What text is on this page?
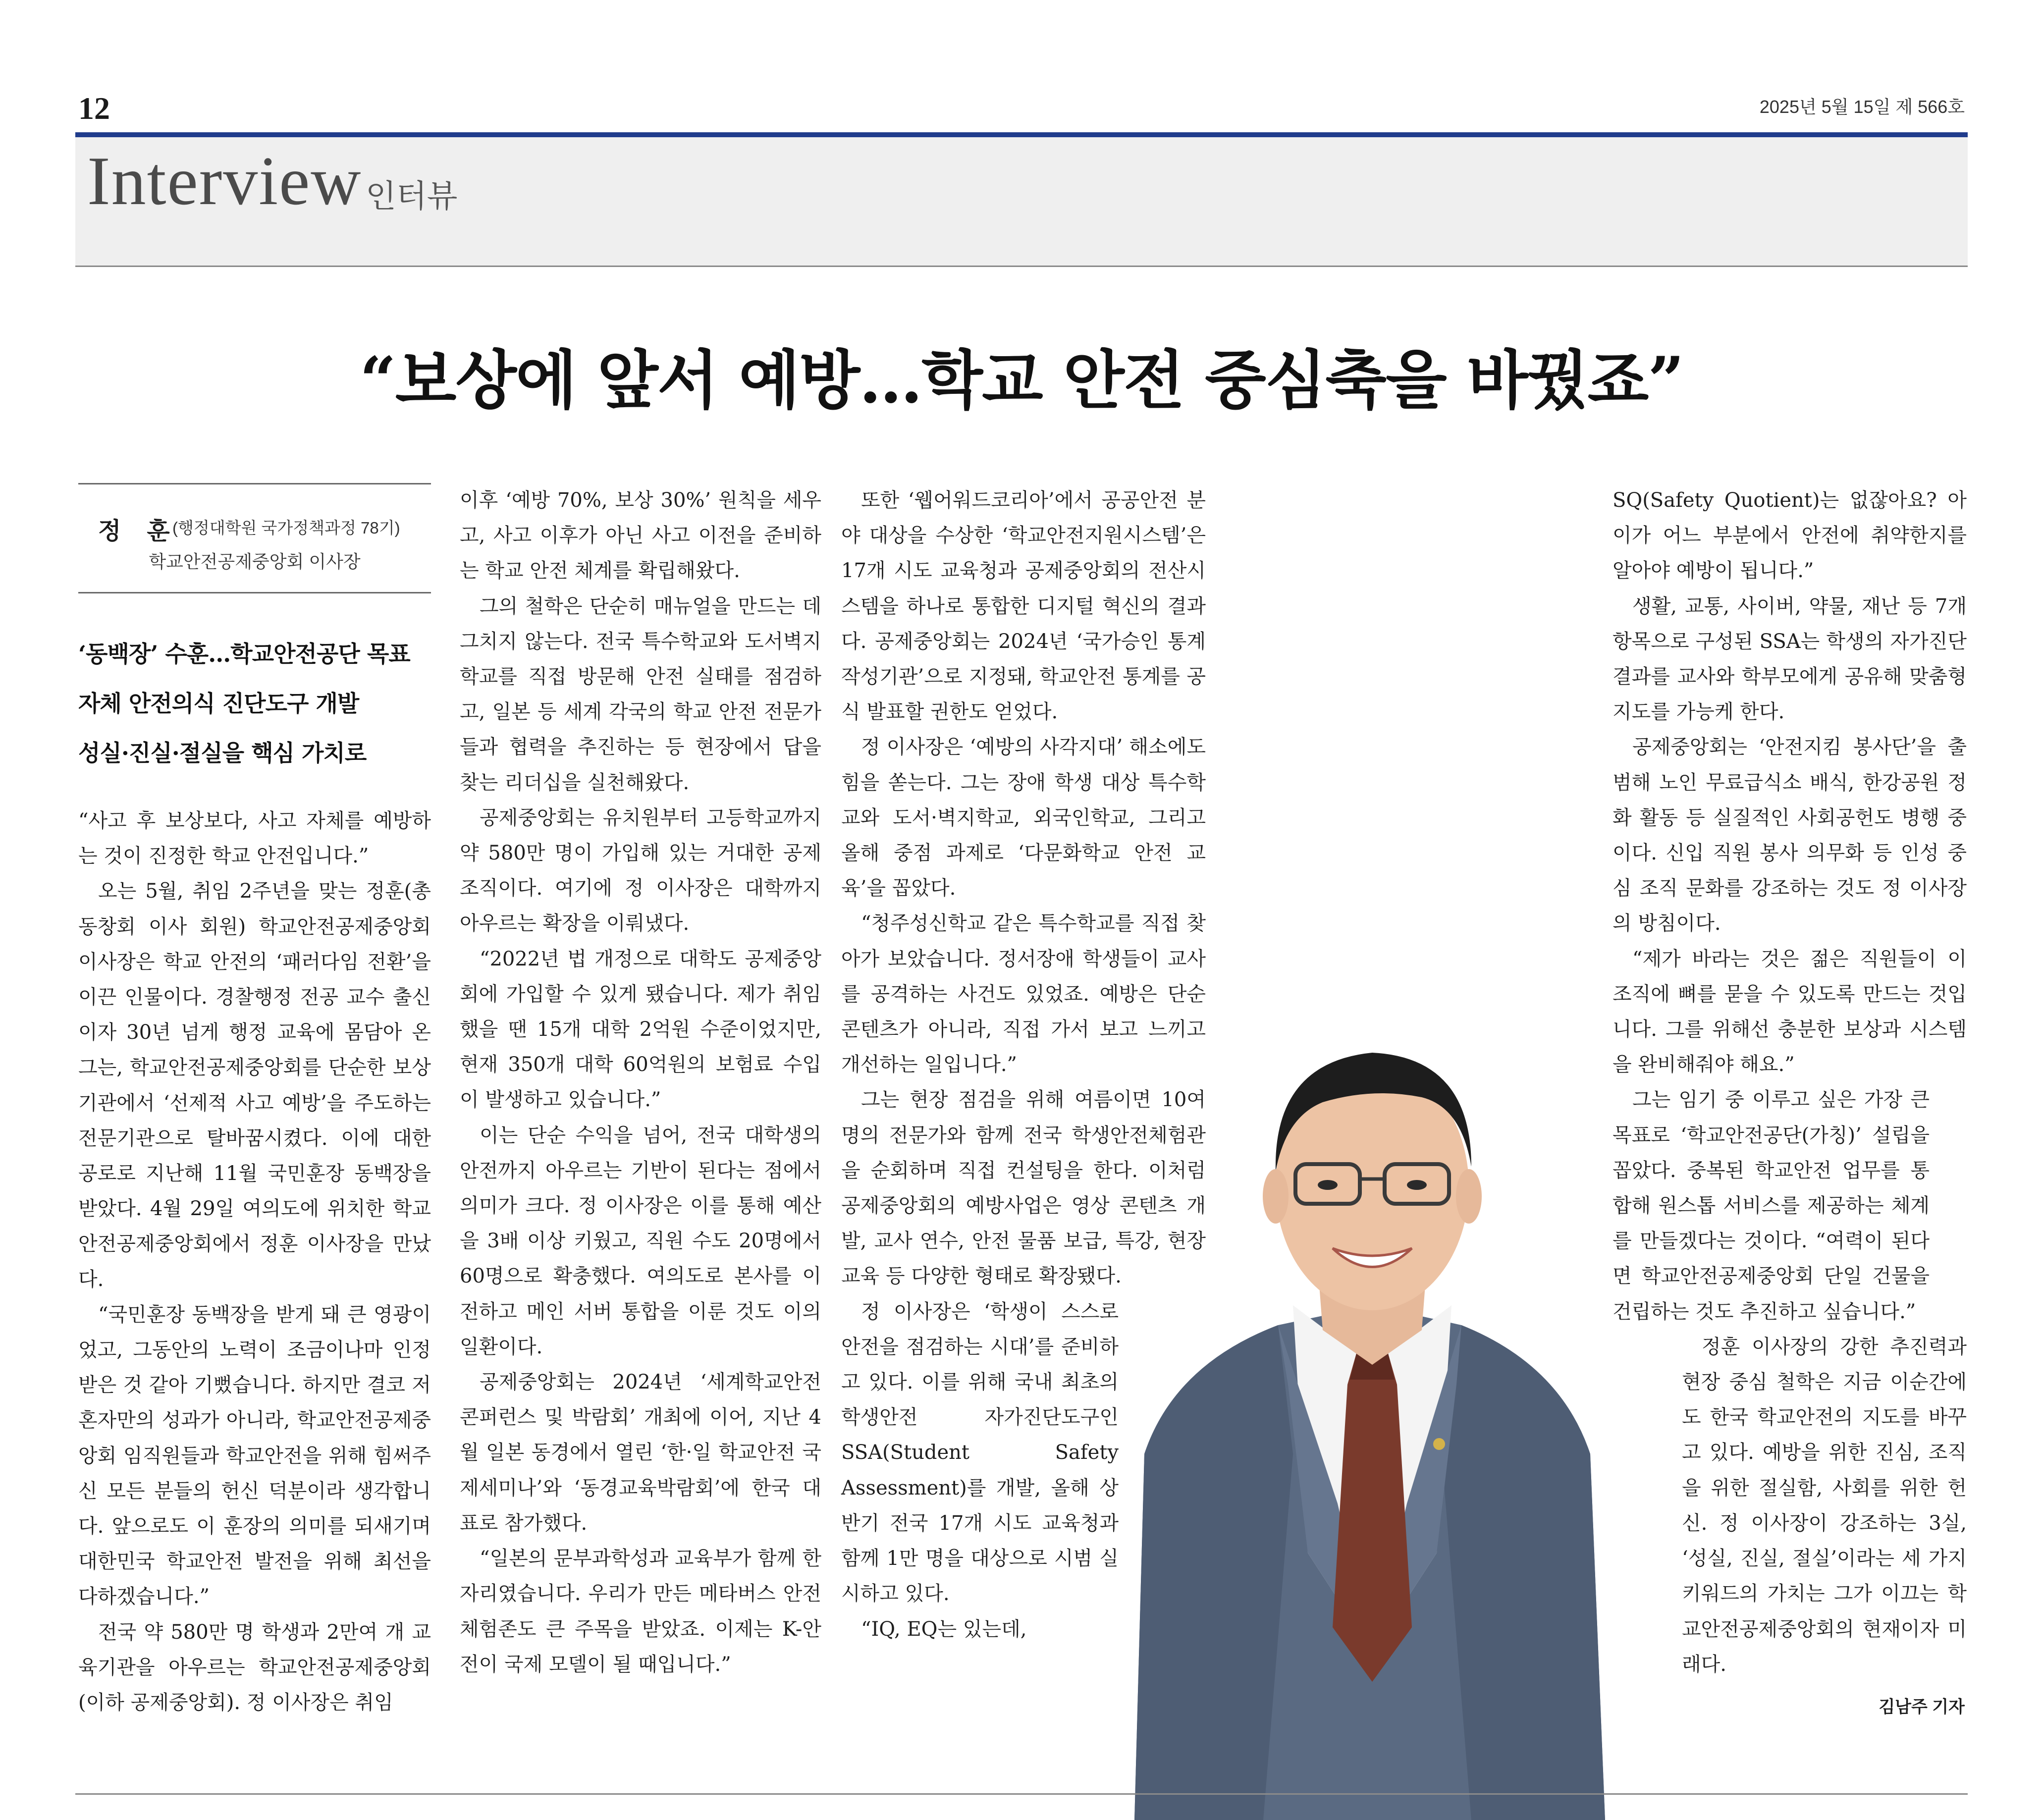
12	2025년 5월 15일 제 566호
Interview 인터뷰
“보상에 앞서 예방…학교 안전 중심축을 바꿨죠”
정 훈
(행정대학원 국가정책과정 78기)
학교안전공제중앙회 이사장
‘동백장’ 수훈…학교안전공단 목표
자체 안전의식 진단도구 개발
성실·진실·절실을 핵심 가치로

“사고 후 보상보다, 사고 자체를 예방하는 것이 진정한 학교 안전입니다.”

오는 5월, 취임 2주년을 맞는 정훈(총동창회 이사 회원) 학교안전공제중앙회 이사장은 학교 안전의 ‘패러다임 전환’을 이끈 인물이다. 경찰행정 전공 교수 출신이자 30년 넘게 행정 교육에 몸담아 온 그는, 학교안전공제중앙회를 단순한 보상 기관에서 ‘선제적 사고 예방’을 주도하는 전문기관으로 탈바꿈시켰다. 이에 대한 공로로 지난해 11월 국민훈장 동백장을 받았다. 4월 29일 여의도에 위치한 학교안전공제중앙회에서 정훈 이사장을 만났다.

“국민훈장 동백장을 받게 돼 큰 영광이었고, 그동안의 노력이 조금이나마 인정받은 것 같아 기뻤습니다. 하지만 결코 저 혼자만의 성과가 아니라, 학교안전공제중앙회 임직원들과 학교안전을 위해 힘써주신 모든 분들의 헌신 덕분이라 생각합니다. 앞으로도 이 훈장의 의미를 되새기며 대한민국 학교안전 발전을 위해 최선을 다하겠습니다.”

전국 약 580만 명 학생과 2만여 개 교육기관을 아우르는 학교안전공제중앙회(이하 공제중앙회). 정 이사장은 취임

이후 ‘예방 70%, 보상 30%’ 원칙을 세우고, 사고 이후가 아닌 사고 이전을 준비하는 학교 안전 체계를 확립해왔다.

그의 철학은 단순히 매뉴얼을 만드는 데 그치지 않는다. 전국 특수학교와 도서벽지 학교를 직접 방문해 안전 실태를 점검하고, 일본 등 세계 각국의 학교 안전 전문가들과 협력을 추진하는 등 현장에서 답을 찾는 리더십을 실천해왔다.

공제중앙회는 유치원부터 고등학교까지 약 580만 명이 가입해 있는 거대한 공제 조직이다. 여기에 정 이사장은 대학까지 아우르는 확장을 이뤄냈다.

“2022년 법 개정으로 대학도 공제중앙회에 가입할 수 있게 됐습니다. 제가 취임했을 땐 15개 대학 2억원 수준이었지만, 현재 350개 대학 60억원의 보험료 수입이 발생하고 있습니다.”

이는 단순 수익을 넘어, 전국 대학생의 안전까지 아우르는 기반이 된다는 점에서 의미가 크다. 정 이사장은 이를 통해 예산을 3배 이상 키웠고, 직원 수도 20명에서 60명으로 확충했다. 여의도로 본사를 이전하고 메인 서버 통합을 이룬 것도 이의 일환이다.

공제중앙회는 2024년 ‘세계학교안전 콘퍼런스 및 박람회’ 개최에 이어, 지난 4월 일본 동경에서 열린 ‘한·일 학교안전 국제세미나’와 ‘동경교육박람회’에 한국 대표로 참가했다.

“일본의 문부과학성과 교육부가 함께 한 자리였습니다. 우리가 만든 메타버스 안전 체험존도 큰 주목을 받았죠. 이제는 K-안전이 국제 모델이 될 때입니다.”

또한 ‘웹어워드코리아’에서 공공안전 분야 대상을 수상한 ‘학교안전지원시스템’은 17개 시도 교육청과 공제중앙회의 전산시스템을 하나로 통합한 디지털 혁신의 결과다. 공제중앙회는 2024년 ‘국가승인 통계작성기관’으로 지정돼, 학교안전 통계를 공식 발표할 권한도 얻었다.

정 이사장은 ‘예방의 사각지대’ 해소에도 힘을 쏟는다. 그는 장애 학생 대상 특수학교와 도서·벽지학교, 외국인학교, 그리고 올해 중점 과제로 ‘다문화학교 안전 교육’을 꼽았다.

“청주성신학교 같은 특수학교를 직접 찾아가 보았습니다. 정서장애 학생들이 교사를 공격하는 사건도 있었죠. 예방은 단순 콘텐츠가 아니라, 직접 가서 보고 느끼고 개선하는 일입니다.”

그는 현장 점검을 위해 여름이면 10여 명의 전문가와 함께 전국 학생안전체험관을 순회하며 직접 컨설팅을 한다. 이처럼 공제중앙회의 예방사업은 영상 콘텐츠 개발, 교사 연수, 안전 물품 보급, 특강, 현장 교육 등 다양한 형태로 확장됐다.

정 이사장은 ‘학생이 스스로 안전을 점검하는 시대’를 준비하고 있다. 이를 위해 국내 최초의 학생안전 자가진단도구인 SSA(Student Safety Assessment)를 개발, 올해 상반기 전국 17개 시도 교육청과 함께 1만 명을 대상으로 시범 실시하고 있다.

“IQ, EQ는 있는데,

SQ(Safety Quotient)는 없잖아요? 아이가 어느 부분에서 안전에 취약한지를 알아야 예방이 됩니다.”

생활, 교통, 사이버, 약물, 재난 등 7개 항목으로 구성된 SSA는 학생의 자가진단 결과를 교사와 학부모에게 공유해 맞춤형 지도를 가능케 한다.

공제중앙회는 ‘안전지킴 봉사단’을 출범해 노인 무료급식소 배식, 한강공원 정화 활동 등 실질적인 사회공헌도 병행 중이다. 신입 직원 봉사 의무화 등 인성 중심 조직 문화를 강조하는 것도 정 이사장의 방침이다.

“제가 바라는 것은 젊은 직원들이 이 조직에 뼈를 묻을 수 있도록 만드는 것입니다. 그를 위해선 충분한 보상과 시스템을 완비해줘야 해요.”

그는 임기 중 이루고 싶은 가장 큰 목표로 ‘학교안전공단(가칭)’ 설립을 꼽았다. 중복된 학교안전 업무를 통합해 원스톱 서비스를 제공하는 체계를 만들겠다는 것이다. “여력이 된다면 학교안전공제중앙회 단일 건물을 건립하는 것도 추진하고 싶습니다.”

정훈 이사장의 강한 추진력과 현장 중심 철학은 지금 이순간에도 한국 학교안전의 지도를 바꾸고 있다. 예방을 위한 진심, 조직을 위한 절실함, 사회를 위한 헌신. 정 이사장이 강조하는 3실, ‘성실, 진실, 절실’이라는 세 가지 키워드의 가치는 그가 이끄는 학교안전공제중앙회의 현재이자 미래다.

김남주 기자
